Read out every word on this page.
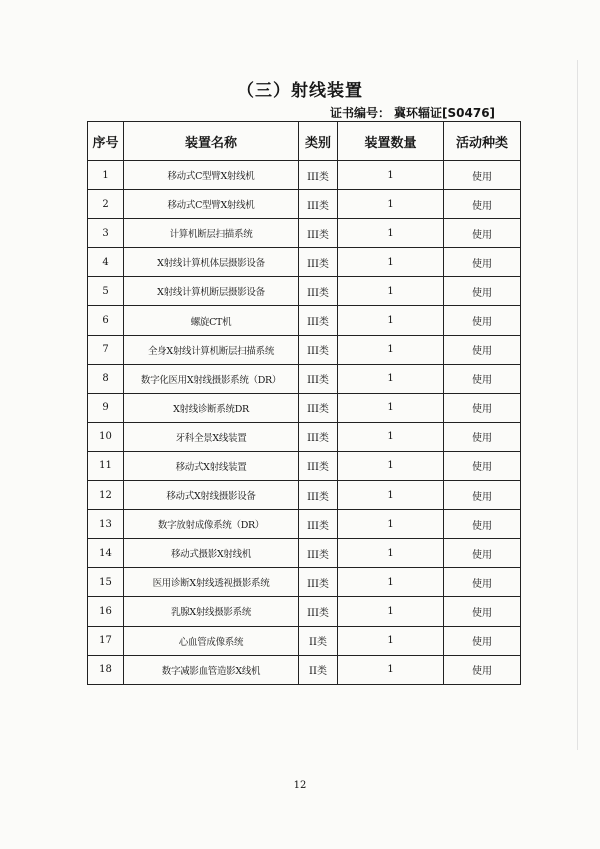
（三）射线装置
证书编号： 冀环辐证[S0476]
序号	装置名称	类别	装置数量	活动种类
1	移动式C型臂X射线机	III类	1	使用
2	移动式C型臂X射线机	III类	1	使用
3	计算机断层扫描系统	III类	1	使用
4	X射线计算机体层摄影设备	III类	1	使用
5	X射线计算机断层摄影设备	III类	1	使用
6	螺旋CT机	III类	1	使用
7	全身X射线计算机断层扫描系统	III类	1	使用
8	数字化医用X射线摄影系统（DR）	III类	1	使用
9	X射线诊断系统DR	III类	1	使用
10	牙科全景X线装置	III类	1	使用
11	移动式X射线装置	III类	1	使用
12	移动式X射线摄影设备	III类	1	使用
13	数字放射成像系统（DR）	III类	1	使用
14	移动式摄影X射线机	III类	1	使用
15	医用诊断X射线透视摄影系统	III类	1	使用
16	乳腺X射线摄影系统	III类	1	使用
17	心血管成像系统	II类	1	使用
18	数字减影血管造影X线机	II类	1	使用
12
